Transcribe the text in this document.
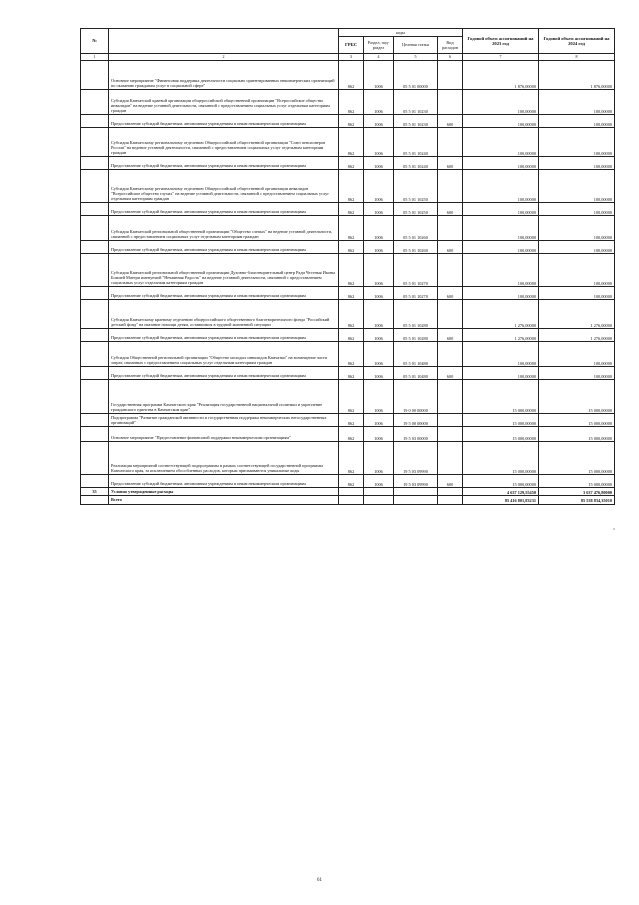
№		коды				Годовой объем ассигнований на 2023 год	Годовой объем ассигнований на 2024 год
		ГРБС	Раздел, под-раздел	Целевая статья	Вид расходов		
1	2	3	4	5	6	7	8
	Основное мероприятие "Финансовая поддержка деятельности социально ориентированных некоммерческих организаций по оказанию гражданам услуг в социальной сфере"	862	1006	05 5 01 00000		1 876,00000	1 876,00000
	Субсидия Камчатской краевой организации общероссийской общественной организации "Всероссийское общество инвалидов" на ведение уставной деятельности, связанной с предоставлением социальных услуг отдельным категориям граждан	862	1006	05 5 01 10230		100,00000	100,00000
	Предоставление субсидий бюджетным, автономным учреждениям и иным некоммерческим организациям	862	1006	05 5 01 10230	600	100,00000	100,00000
	Субсидия Камчатскому региональному отделению Общероссийской общественной организации "Союз пенсионеров России" на ведение уставной деятельности, связанной с предоставлением социальных услуг отдельным категориям граждан	862	1006	05 5 01 10240		100,00000	100,00000
	Предоставление субсидий бюджетным, автономным учреждениям и иным некоммерческим организациям	862	1006	05 5 01 10240	600	100,00000	100,00000
	Субсидия Камчатскому региональному отделению Общероссийской общественной организации инвалидов "Всероссийское общество глухих" на ведение уставной деятельности, связанной с предоставлением социальных услуг отдельным категориям граждан	862	1006	05 5 01 10250		100,00000	100,00000
	Предоставление субсидий бюджетным, автономным учреждениям и иным некоммерческим организациям	862	1006	05 5 01 10250	600	100,00000	100,00000
	Субсидия Камчатской региональной общественной организации "Общество слепых" на ведение уставной деятельности, связанной с предоставлением социальных услуг отдельным категориям граждан	862	1006	05 5 01 10260		100,00000	100,00000
	Предоставление субсидий бюджетным, автономным учреждениям и иным некоммерческим организациям	862	1006	05 5 01 10260	600	100,00000	100,00000
	Субсидия Камчатской региональной общественной организации Духовно-благотворительный центр Ради Честныя Иконы Божией Матери именуемой "Нечаянная Радость" на ведение уставной деятельности, связанной с предоставлением социальных услуг отдельным категориям граждан	862	1006	05 5 01 10270		100,00000	100,00000
	Предоставление субсидий бюджетным, автономным учреждениям и иным некоммерческим организациям	862	1006	05 5 01 10270	600	100,00000	100,00000
	Субсидия Камчатскому краевому отделению общероссийского общественного благотворительного фонда "Российский детский фонд" на оказание помощи детям, оставшимся в трудной жизненной ситуации	862	1006	05 5 01 10280		1 276,00000	1 276,00000
	Предоставление субсидий бюджетным, автономным учреждениям и иным некоммерческим организациям	862	1006	05 5 01 10280	600	1 276,00000	1 276,00000
	Субсидия Общественной региональной организации "Общество молодых инвалидов Камчатки" на возмещение части затрат, связанных с предоставлением социальных услуг отдельным категориям граждан	862	1006	05 5 01 10480		100,00000	100,00000
	Предоставление субсидий бюджетным, автономным учреждениям и иным некоммерческим организациям	862	1006	05 5 01 10480	600	100,00000	100,00000
	Государственная программа Камчатского края "Реализация государственной национальной политики и укрепление гражданского единства в Камчатском крае"	862	1006	19 0 00 00000		15 000,00000	15 000,00000
	Подпрограмма "Развитие гражданской активности и государственная поддержка некоммерческих негосударственных организаций"	862	1006	19 5 00 00000		15 000,00000	15 000,00000
	Основное мероприятие "Предоставление финансовой поддержки некоммерческим организациям"	862	1006	19 5 03 00000		15 000,00000	15 000,00000
	Реализация мероприятий соответствующей подпрограммы в рамках соответствующей государственной программы Камчатского края, за исключением обособленных расходов, которым присваиваются уникальные коды	862	1006	19 5 03 09990		15 000,00000	15 000,00000
	Предоставление субсидий бюджетным, автономным учреждениям и иным некоммерческим организациям	862	1006	19 5 03 09990	600	15 000,00000	15 000,00000
35	Условно утвержденные расходы					4 637 129,55450	3 637 476,80000
	Всего					85 416 801,83231	85 538 834,35010
"
61
